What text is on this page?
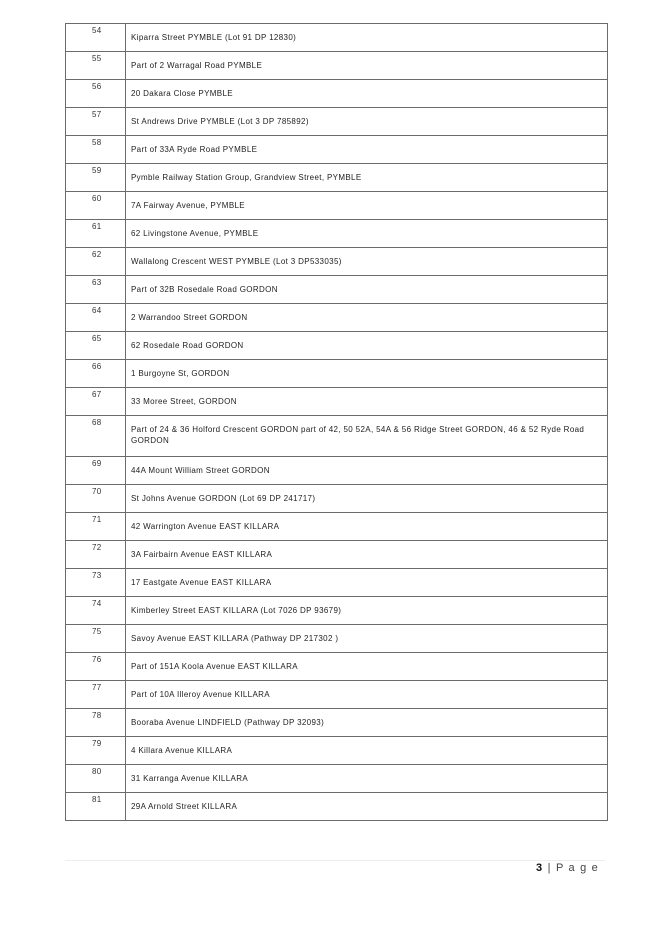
54	Kiparra Street PYMBLE (Lot 91 DP 12830)
55	Part of 2 Warragal Road PYMBLE
56	20 Dakara Close PYMBLE
57	St Andrews Drive PYMBLE (Lot 3 DP 785892)
58	Part of 33A Ryde Road PYMBLE
59	Pymble Railway Station Group, Grandview Street, PYMBLE
60	7A Fairway Avenue, PYMBLE
61	62 Livingstone Avenue, PYMBLE
62	Wallalong Crescent WEST PYMBLE (Lot 3 DP533035)
63	Part of 32B Rosedale Road GORDON
64	2 Warrandoo Street GORDON
65	62 Rosedale Road GORDON
66	1 Burgoyne St, GORDON
67	33 Moree Street, GORDON
68	Part of 24 & 36 Holford Crescent GORDON part of 42, 50 52A, 54A & 56 Ridge Street GORDON, 46 & 52 Ryde Road GORDON
69	44A Mount William Street GORDON
70	St Johns Avenue GORDON (Lot 69 DP 241717)
71	42 Warrington Avenue EAST KILLARA
72	3A Fairbairn Avenue EAST KILLARA
73	17 Eastgate Avenue EAST KILLARA
74	Kimberley Street EAST KILLARA (Lot 7026 DP 93679)
75	Savoy Avenue EAST KILLARA (Pathway DP 217302 )
76	Part of 151A Koola Avenue EAST KILLARA
77	Part of 10A Illeroy Avenue KILLARA
78	Booraba Avenue LINDFIELD (Pathway DP 32093)
79	4 Killara Avenue KILLARA
80	31 Karranga Avenue KILLARA
81	29A Arnold Street KILLARA
3 | P a g e
